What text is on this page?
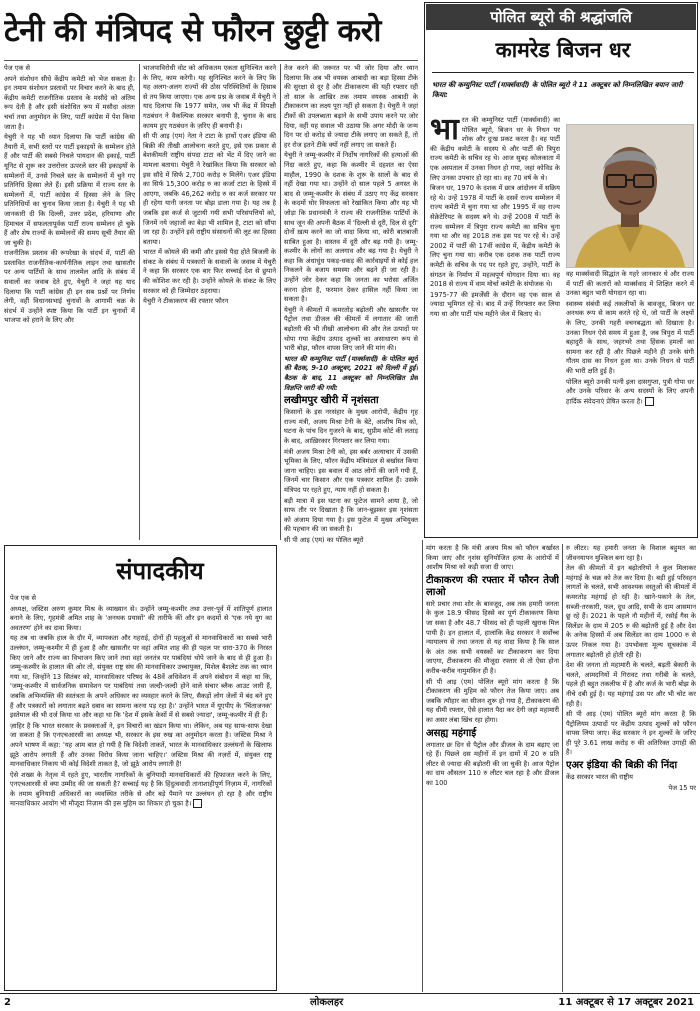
टेनी की मंत्रिपद से फौरन छुट्टी करो

पेज एक से

अपने संशोधन सीधे केंद्रीय कमेटी को भेज सकता है। इन तमाम संशोधन प्रस्तावों पर विचार करने के बाद ही, केंद्रीय कमेटी राजनीतिक प्रस्ताव के मसौदे को अंतिम रूप देती है और इसी संशोधित रूप में मसौदा अंततः चर्चा तथा अनुमोदन के लिए, पार्टी कांग्रेस में पेश किया जाता है।

येचुरी ने यह भी ध्यान दिलाया कि पार्टी कांग्रेस की तैयारी में, सभी स्तरों पर पार्टी इकाइयों के सम्मेलन होते हैं और पार्टी की सबसे निचले पायदान की इकाई, पार्टी यूनिट से शुरू कर उत्तरोत्तर ऊपरले स्तर की इकाइयों के सम्मेलनों में, उनसे निचले स्तर के सम्मेलनों में चुने गए प्रतिनिधि हिस्सा लेते हैं। इसी प्रक्रिया में राज्य स्तर के सम्मेलनों में, पार्टी कांग्रेस में हिस्सा लेने के लिए प्रतिनिधियों का चुनाव किया जाता है। येचुरी ने यह भी जानकारी दी कि दिल्ली, उत्तर प्रदेश, हरियाणा और हिमाचल में सफलतापूर्वक पार्टी राज्य सम्मेलन हो चुके हैं और शेष राज्यों के सम्मेलनों की समय सूची तैयार की जा चुकी है।

राजनीतिक प्रस्ताव की रूपरेखा के संदर्भ में, पार्टी की प्रस्तावित राजनीतिक-कार्यनीतिक लाइन तथा खासतौर पर अन्य पार्टियों के साथ तालमेल आदि के संबंध में सवालों का जवाब देते हुए, येचुरी ने जहां यह याद दिलाया कि पार्टी कांग्रेस ही इन सब प्रश्नों पर निर्णय लेगी, वहीं विधानसभाई चुनावों के आगामी चक्र के संदर्भ में उन्होंने स्पष्ट किया कि पार्टी इन चुनावों में भाजपा को हराने के लिए और

भाजपाविरोधी वोट को अधिकतम एकता सुनिश्चित करने के लिए, काम करेगी। यह सुनिश्चित करने के लिए कि यह अलग-अलग राज्यों की ठोस परिस्थितियों के हिसाब से तय किया जाएगा। एक अन्य प्रश्न के जवाब में येचुरी ने याद दिलाया कि 1977 समेत, जब भी केंद्र में विपक्षी गठबंधन ने वैकल्पिक सरकार बनायी है, चुनाव के बाद कायम हुए गठबंधन के ज़रिए ही बनायी है।

सी पी आइ (एम) नेता ने टाटा के हाथों एअर इंडिया की बिक्री की तीखी आलोचना करते हुए, इसे एक प्रकार से बेशकीमती राष्ट्रीय संपदा टाटा को भेंट में दिए जाने का मामला बताया। येचुरी ने रेखांकित किया कि सरकार को इस सौदे में सिर्फ 2,700 करोड़ रु मिलेंगे। एअर इंडिया का सिर्फ 15,300 करोड़ रु का कर्जा टाटा के हिस्से में आएगा, जबकि 46,262 करोड़ रु का कर्ज सरकार पर ही रहेगा यानी जनता पर बोझ डाला गया है। यह तब है जबकि इस कर्ज से जुटायी गयी सभी परिसंपत्तियों को, जिनमें नये जहाजों का बेड़ा भी शामिल है, टाटा को सौंपा जा रहा है। उन्होंने इसे राष्ट्रीय संसाधनों की लूट का हिस्सा बताया।

भारत में कोयले की कमी और इससे पैदा होते बिजली के संकट के संबंध में पत्रकारों के सवालों के जवाब में येचुरी ने कहा कि सरकार एक बार फिर सच्चाई देश से छुपाने की कोशिश कर रही है। उन्होंने कोयले के संकट के लिए सरकार को ही जिम्मेदार ठहराया।

येचुरी ने टीकाकरण की रफ्तार फौरन

तेज करने की जरूरत पर भी जोर दिया और ध्यान दिलाया कि अब भी वयस्क आबादी का बड़ा हिस्सा टीके की सुरक्षा से दूर है और टीकाकरण की यही रफ्तार रही तो साल के आखिर तक तमाम वयस्क आबादी के टीकाकरण का लक्ष्य पूरा नहीं हो सकता है। येचुरी ने जहां टीकों की उपलब्धता बढ़ाने के सभी उपाय करने पर जोर दिया, वहीं यह सवाल भी उठाया कि अगर मोदी के जन्म दिन पर दो करोड़ से ज्यादा टीके लगाए जा सकते हैं, तो हर रोज इतने टीके क्यों नहीं लगाए जा सकते हैं।

येचुरी ने जम्मू-कश्मीर में निर्दोष नागरिकों की हत्याओं की निंदा करते हुए, कहा कि कश्मीर में दहशत का ऐसा माहौल, 1990 के दशक के शुरू के सालों के बाद से नहीं देखा गया था। उन्होंने दो साल पहले 5 अगस्त के बाद से जम्मू-कश्मीर के संबंध में उठाए गए केंद्र सरकार के कदमों घोर विफलता को रेखांकित किया और यह भी जोड़ा कि प्रधानमंत्री ने राज्य की राजनीतिक पार्टियों के साथ जून की अपनी बैठक में 'दिल्ली से दूरी, दिल से दूरी' दोनों ख़त्म करने का जो वादा किया था, कोरी बातबाजी साबित हुआ है। वास्तव में दूरी और बढ़ गयी है। जम्मू-कश्मीर के लोगों का अलगाव और बढ़ गया है। येचुरी ने कहा कि अंधाधुंध पकड़-धकड़ की कार्रवाइयों से कोई हल निकलने के बजाय समस्या और बढ़ने ही जा रही है। उन्होंने जोर देकर कहा कि जनता का भरोसा अर्जित करना होता है, फरमान देकर हासिल नहीं किया जा सकता है।

येचुरी ने कीमतों में कमरतोड़ बढ़ोतरी और खासतौर पर पैट्रोल तथा डीजल की कीमतों में लगातार की जाती बढ़ोतरी की भी तीखी आलोचना की और तेल उत्पादों पर थोपा गया केंद्रीय उत्पाद शुल्कों का असाधारण रूप से भारी बोझ, फौरन वापस लिए जाने की मांग की।

भारत की कम्युनिस्ट पार्टी (मार्क्सवादी) के पोलित ब्यूरो की बैठक, 9-10 अक्टूबर, 2021 को दिल्ली में हुई। बैठक के बाद, 11 अक्टूबर को निम्नलिखित प्रेस विज्ञप्ति जारी की गयी:

लखीमपुर खीरी में नृशंसता

किसानों के इस नरसंहार के मुख्य आरोपी, केंद्रीय गृह राज्य मंत्री, अजय मिश्रा टेनी के बेटे, आशीष मिश्र को, घटना के पांच दिन गुजरने के बाद, सुप्रीम कोर्ट की लताड़ के बाद, आख़िरकार गिरफ्तार कर लिया गया।

मंत्री अजय मिश्रा टेनी को, इस बर्बर अत्याचार में उसकी भूमिका के लिए, फौरन केंद्रीय मंत्रिमंडल से बर्खास्त किया जाना चाहिए। इस बवाल में आठ लोगों की जानें गयी हैं, जिनमें चार किसान और एक पत्रकार शामिल हैं। उसके मंत्रिपद पर रहते हुए, न्याय नहीं हो सकता है।

बड़ी मात्रा में इस घटना का फुटेज सामने आया है, जो साफ तौर पर दिखाता है कि जान-बूझकर इस नृशंसता को अंजाम दिया गया है। इस फुटेज में मुख्य अभियुक्त की पहचान की जा सकती है।

सी पी आइ (एम) का पोलित ब्यूरो

पोलित ब्यूरो की श्रद्धांजलि
कामरेड बिजन धर
भारत की कम्युनिस्ट पार्टी (मार्क्सवादी) के पोलित ब्यूरो ने 11 अक्टूबर को निम्नलिखित बयान जारी किया:

भारत की कम्युनिस्ट पार्टी (मार्क्सवादी) का पोलित ब्यूरो, बिजन धर के निधन पर शोक और दुःख प्रकट करता है। वह पार्टी की केंद्रीय कमेटी के सदस्य थे और पार्टी की त्रिपुरा राज्य कमेटी के सचिव रह थे। आज सुबह कोलकाता में एक अस्पताल में उनका निधन हो गया, जहां कोविड के लिए उनका उपचार हो रहा था। वह 70 वर्ष के थे।

बिजन धर, 1970 के दशक में छात्र आंदोलन में सक्रिय रहे थे। उन्हें 1978 में पार्टी के दसवें राज्य सम्मेलन में राज्य कमेटी में चुना गया था और 1995 में वह राज्य सेक्रेटेरियट के सदस्य बने थे। उन्हें 2008 में पार्टी के राज्य सम्मेलन में त्रिपुरा राज्य कमेटी का सचिव चुना गया था और वह 2018 तक इस पद पर रहे थे। उन्हें 2002 में पार्टी की 17वीं कांग्रेस में, केंद्रीय कमेटी के लिए चुना गया था। करीब एक दशक तक पार्टी राज्य कमेटी के सचिव के पद पर रहते हुए, उन्होंने, पार्टी के संगठन के निर्माण में महत्वपूर्ण योगदान दिया था। वह 2018 से राज्य में वाम मोर्चा कमेटी के संयोजक थे।

1975-77 की इमर्जेंसी के दौरान वह एक साल से ज्यादा भूमिगत रहे थे। बाद में उन्हें गिरफ्तार कर लिया गया था और पार्टी पांच महीने जेल में बिताए थे।

वह मार्क्सवादी सिद्धांत के गहरे जानकार थे और राज्य में पार्टी की कतारों को मार्क्सवाद में शिक्षित करने में उनका बहुत भारी योगदान रहा था।

स्वास्थ्य संबंधी कई तकलीफों के बावजूद, बिजन धर अनथक रूप से काम करते रहे थे, जो पार्टी के लक्ष्यों के लिए, उनकी गहरी वचनबद्धता को दिखाता है। उनका निधन ऐसे समय में हुआ है, जब त्रिपुरा में पार्टी बहादुरी के साथ, जहरभरे तथा हिंसक हमलों का सामना कर रही है और पिछले महीने ही उनके संगी गौतम दास का निधन हुआ था। उनके निधन से पार्टी की भारी क्षति हुई है।

पोलित ब्यूरो उनकी पत्नी इला दासगुप्ता, पुत्री गोपा धर और उनके परिवार के अन्य सदस्यों के लिए अपनी हार्दिक संवेदनाएं प्रेषित करता है।

मांग करता है कि मंत्री अजय मिश्र को फौरन बर्खास्त किया जाए और नृशंस सुनियोजित हत्या के आरोपों में आशीष मिश्रा को कड़ी सजा दी जाए।

टीकाकरण की रफ्तार में फौरन तेजी लाओ

सारे प्रचार तथा शोर के बावजूद, अब तक हमारी जनता के कुल 18.9 फीसद हिस्से का पूर्ण टीकाकरण किया जा सका है और 48.7 फीसद को ही पहली खुराक मिल पायी है। इन हालात में, हालांकि केंद्र सरकार ने सर्वोच्च न्यायालय से तथा जनता से यह वादा किया है कि साल के अंत तक सभी वयस्कों का टीकाकरण कर दिया जाएगा, टीकाकरण की मौजूदा रफ्तार से तो ऐसा होना करीब-करीब नामुमकिन ही है।

सी पी आइ (एम) पोलित ब्यूरो मांग करता है कि टीकाकरण की मुहिम को फौरन तेज किया जाए। अब जबकि त्यौहार का सीजन शुरू हो गया है, टीकाकरण की यह धीमी रफ्तार, ऐसे हालात पैदा कर देगी जहां महामारी का असर लंबा खिंच रहा होगा।

असह्य महंगाई

लगातार छः दिन से पैट्रोल और डीजल के दाम बढ़ाए जा रहे हैं। पिछले दस महीनों में इन दामों में 20 रु प्रति लीटर से ज्यादा की बढ़ोतरी की जा चुकी है। आज पैट्रोल का दाम औसतन 110 रु लीटर चल रहा है और डीजल का 100

रु लीटर। यह हमारी जनता के विशाल बहुमत का जीवनयापन मुश्किल बना रहा है।

तेल की कीमतों में इन बढ़ोतरियों ने कुल मिलाकर महंगाई के चक्र को तेज कर दिया है। बड़ी हुई परिवहन लागतों के चलते, सभी आवश्यक वस्तुओं की कीमतों में कमरतोड़ महंगाई हो रही है। खाने-पकाने के तेल, सब्जी-तरकारी, फल, दूध आदि, सभी के दाम आसमान छू रहे हैं। 2021 के पहले नौ महीनों में, रसोई गैस के सिलेंडर के दाम में 205 रु की बढ़ोतरी हुई है और देश के अनेक हिस्सों में अब सिलेंडर का दाम 1000 रु से ऊपर निकल गया है। उपभोक्ता मूल्य सूचकांक में लगातार बढ़ोतरी हो होती रही है।

देश की जनता तो महामारी के चलते, बढ़ती बेकारी के चलते, आमदनियों में गिरावट तथा गरीबी के चलते, पहले ही बहुत तकलीफ में है और कर्ज के भारी बोझ के नीचे दबी हुई है। यह महंगाई उस पर और भी चोट कर रही है।

सी पी आइ (एम) पोलित ब्यूरो मांग करता है कि पैट्रोलियम उत्पादों पर केंद्रीय उत्पाद शुल्कों को फौरन वापस लिया जाए। केंद्र सरकार ने इन शुल्कों के जरिए ही पूरे 3.61 लाख करोड़ रु की अतिरिक्त उगाही की है।

एअर इंडिया की बिक्री की निंदा

केंद्र सरकार भारत की राष्ट्रीय

पेज 15 पर

संपादकीय

पेज एक से

अध्यक्ष, जस्टिस अरुण कुमार मिश्र के व्याख्यान से। उन्होंने जम्मू-कश्मीर तथा उत्तर-पूर्व में शांतिपूर्ण हालात बनाने के लिए, गृहमंत्री अमित शाह के 'अनथक प्रयासों' की तारीफें कीं और इन कदमों से 'एक नये युग का अवतरण' होने का दावा किया।

यह तब था जबकि हाल के दौर में, व्यापकता और गहराई, दोनों ही पहलुओं से मानवाधिकारों का सबसे भारी उल्लंघन, जम्मू-कश्मीर में ही हुआ है और खासतौर पर वहां अमित शाह की ही पहल पर धारा-370 के निरस्त किए जाने और राज्य का विभाजन किए जाने तथा वहां जनतंत्र पर पाबंदियां थोपे जाने के बाद से ही हुआ है। जम्मू-कश्मीर के हालात की ओर तो, संयुक्त राष्ट्र संघ की मानवाधिकार उच्चायुक्त, मिशेल बैशलेट तक का ध्यान गया था, जिन्होंने 13 सितंबर को, मानवाधिकार परिषद के 48वें अधिवेशन में अपने संबोधन में कहा था कि, 'जम्मू-कश्मीर में सार्वजनिक समावेशन पर पाबंदियां तथा जल्दी-जल्दी होने वाले संचार ब्लैक आउट जारी हैं, जबकि अभिव्यक्ति की स्वतंत्रता के अपने अधिकार का व्यवहार करने के लिए, सैकड़ों लोग जेलों में बंद बने हुए हैं और पत्रकारों को लगातार बढ़ते दबाव का सामना करना पड़ रहा है।' उन्होंने भारत में यूएपीए के 'चिंताजनक' इस्तेमाल की भी दर्ज किया था और कहा था कि 'देश में इसके केसों में से सबसे ज्यादा', जम्मू-कश्मीर में ही हैं।

ज़ाहिर है कि भारत सरकार के प्रवक्ताओं ने, इन विचारों का खंडन किया था। लेकिन, अब यह साफ-साफ देखा जा सकता है कि एनएचआरसी का अध्यक्ष भी, सरकार के इस रुख का अनुमोदन करता है। जस्टिस मिश्रा ने अपने भाषण में कहा: 'यह आम बात हो गयी है कि विदेशी ताकतें, भारत के मानवाधिकार उल्लंघनों के खिलाफ झूठे आरोप लगाती हैं और उनका विरोध किया जाना चाहिए।' जस्टिस मिश्रा की नज़रों में, संयुक्त राष्ट्र मानवाधिकार निकाय भी कोई विदेशी ताकत है, जो झूठे आरोप लगाती है!

ऐसे शख्स के नेतृत्व में रहते हुए, भारतीय नागरिकों के बुनियादी मानवाधिकारों की हिफाजत करने के लिए, एनएचआरसी से क्या उम्मीद की जा सकती है? सच्चाई यह है कि हिंदुत्ववादी तानाशाहीपूर्ण निज़ाम में, नागरिकों के तमाम बुनियादी अधिकारों का व्यवस्थित तरीके से और बड़े पैमाने पर उल्लंघन हो रहा है और राष्ट्रीय मानवाधिकार आयोग भी मौजूदा निज़ाम की इस मुहिम का शिकार हो चुका है।

2	लोकलहर	11 अक्टूबर से 17 अक्टूबर 2021
